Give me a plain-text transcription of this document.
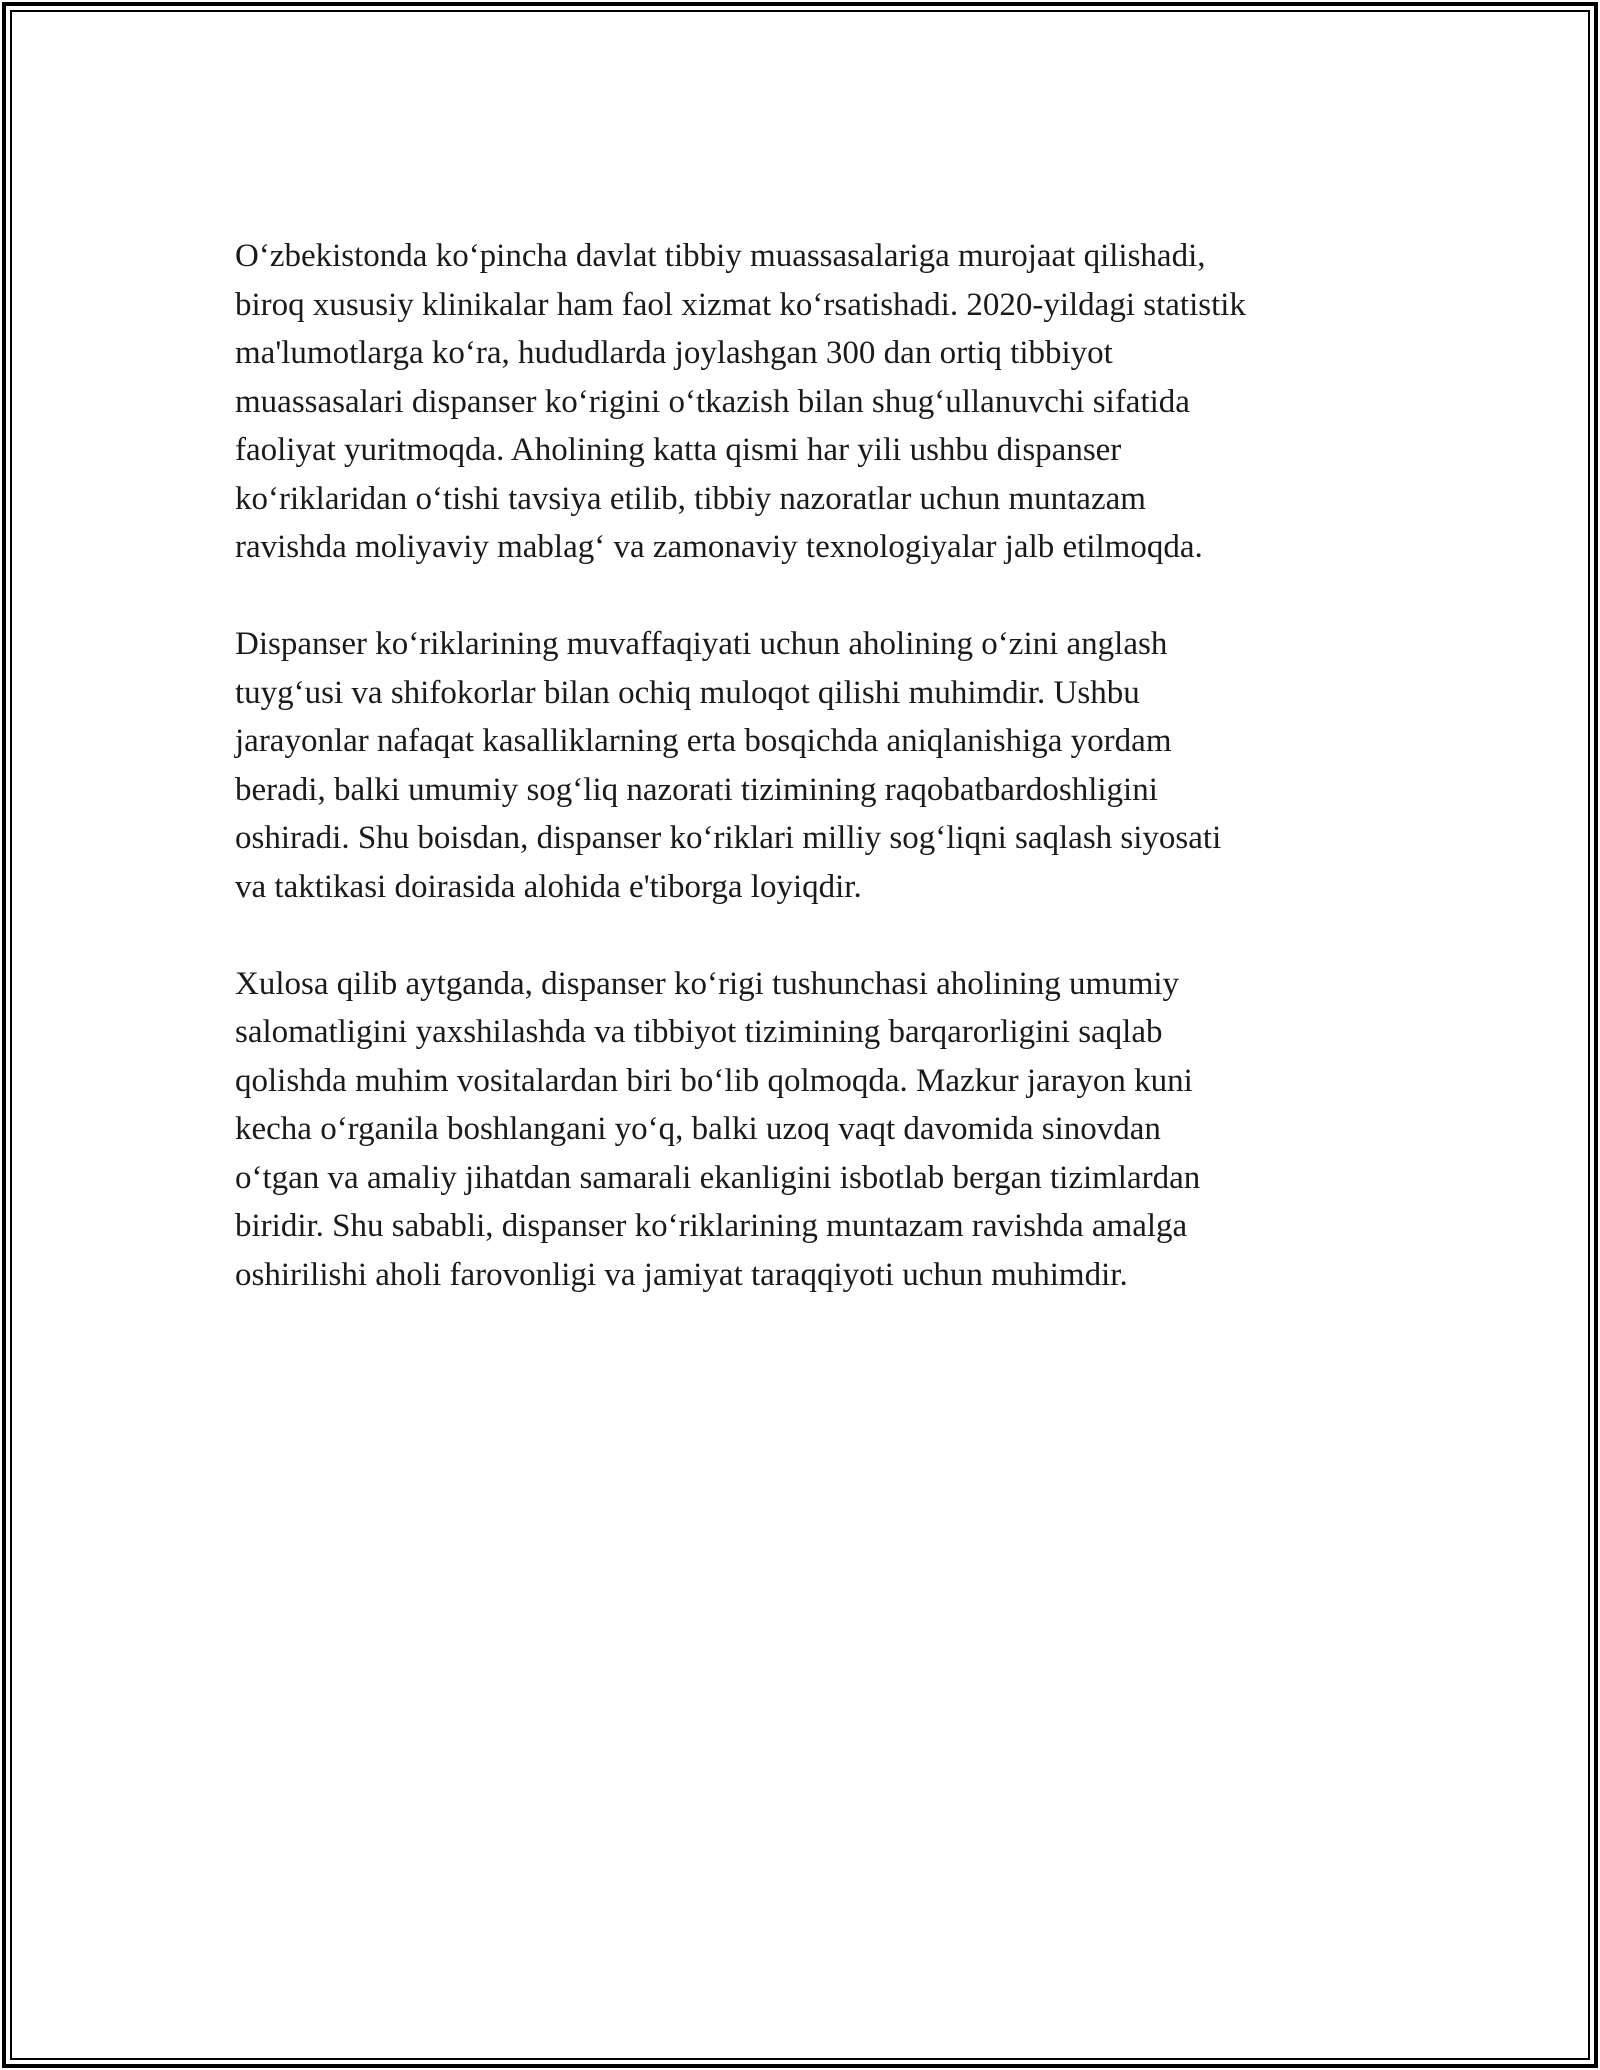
O‘zbekistonda ko‘pincha davlat tibbiy muassasalariga murojaat qilishadi,
biroq xususiy klinikalar ham faol xizmat ko‘rsatishadi. 2020-yildagi statistik
ma'lumotlarga ko‘ra, hududlarda joylashgan 300 dan ortiq tibbiyot
muassasalari dispanser ko‘rigini o‘tkazish bilan shug‘ullanuvchi sifatida
faoliyat yuritmoqda. Aholining katta qismi har yili ushbu dispanser
ko‘riklaridan o‘tishi tavsiya etilib, tibbiy nazoratlar uchun muntazam
ravishda moliyaviy mablag‘ va zamonaviy texnologiyalar jalb etilmoqda.

Dispanser ko‘riklarining muvaffaqiyati uchun aholining o‘zini anglash
tuyg‘usi va shifokorlar bilan ochiq muloqot qilishi muhimdir. Ushbu
jarayonlar nafaqat kasalliklarning erta bosqichda aniqlanishiga yordam
beradi, balki umumiy sog‘liq nazorati tizimining raqobatbardoshligini
oshiradi. Shu boisdan, dispanser ko‘riklari milliy sog‘liqni saqlash siyosati
va taktikasi doirasida alohida e'tiborga loyiqdir.

Xulosa qilib aytganda, dispanser ko‘rigi tushunchasi aholining umumiy
salomatligini yaxshilashda va tibbiyot tizimining barqarorligini saqlab
qolishda muhim vositalardan biri bo‘lib qolmoqda. Mazkur jarayon kuni
kecha o‘rganila boshlangani yo‘q, balki uzoq vaqt davomida sinovdan
o‘tgan va amaliy jihatdan samarali ekanligini isbotlab bergan tizimlardan
biridir. Shu sababli, dispanser ko‘riklarining muntazam ravishda amalga
oshirilishi aholi farovonligi va jamiyat taraqqiyoti uchun muhimdir.
